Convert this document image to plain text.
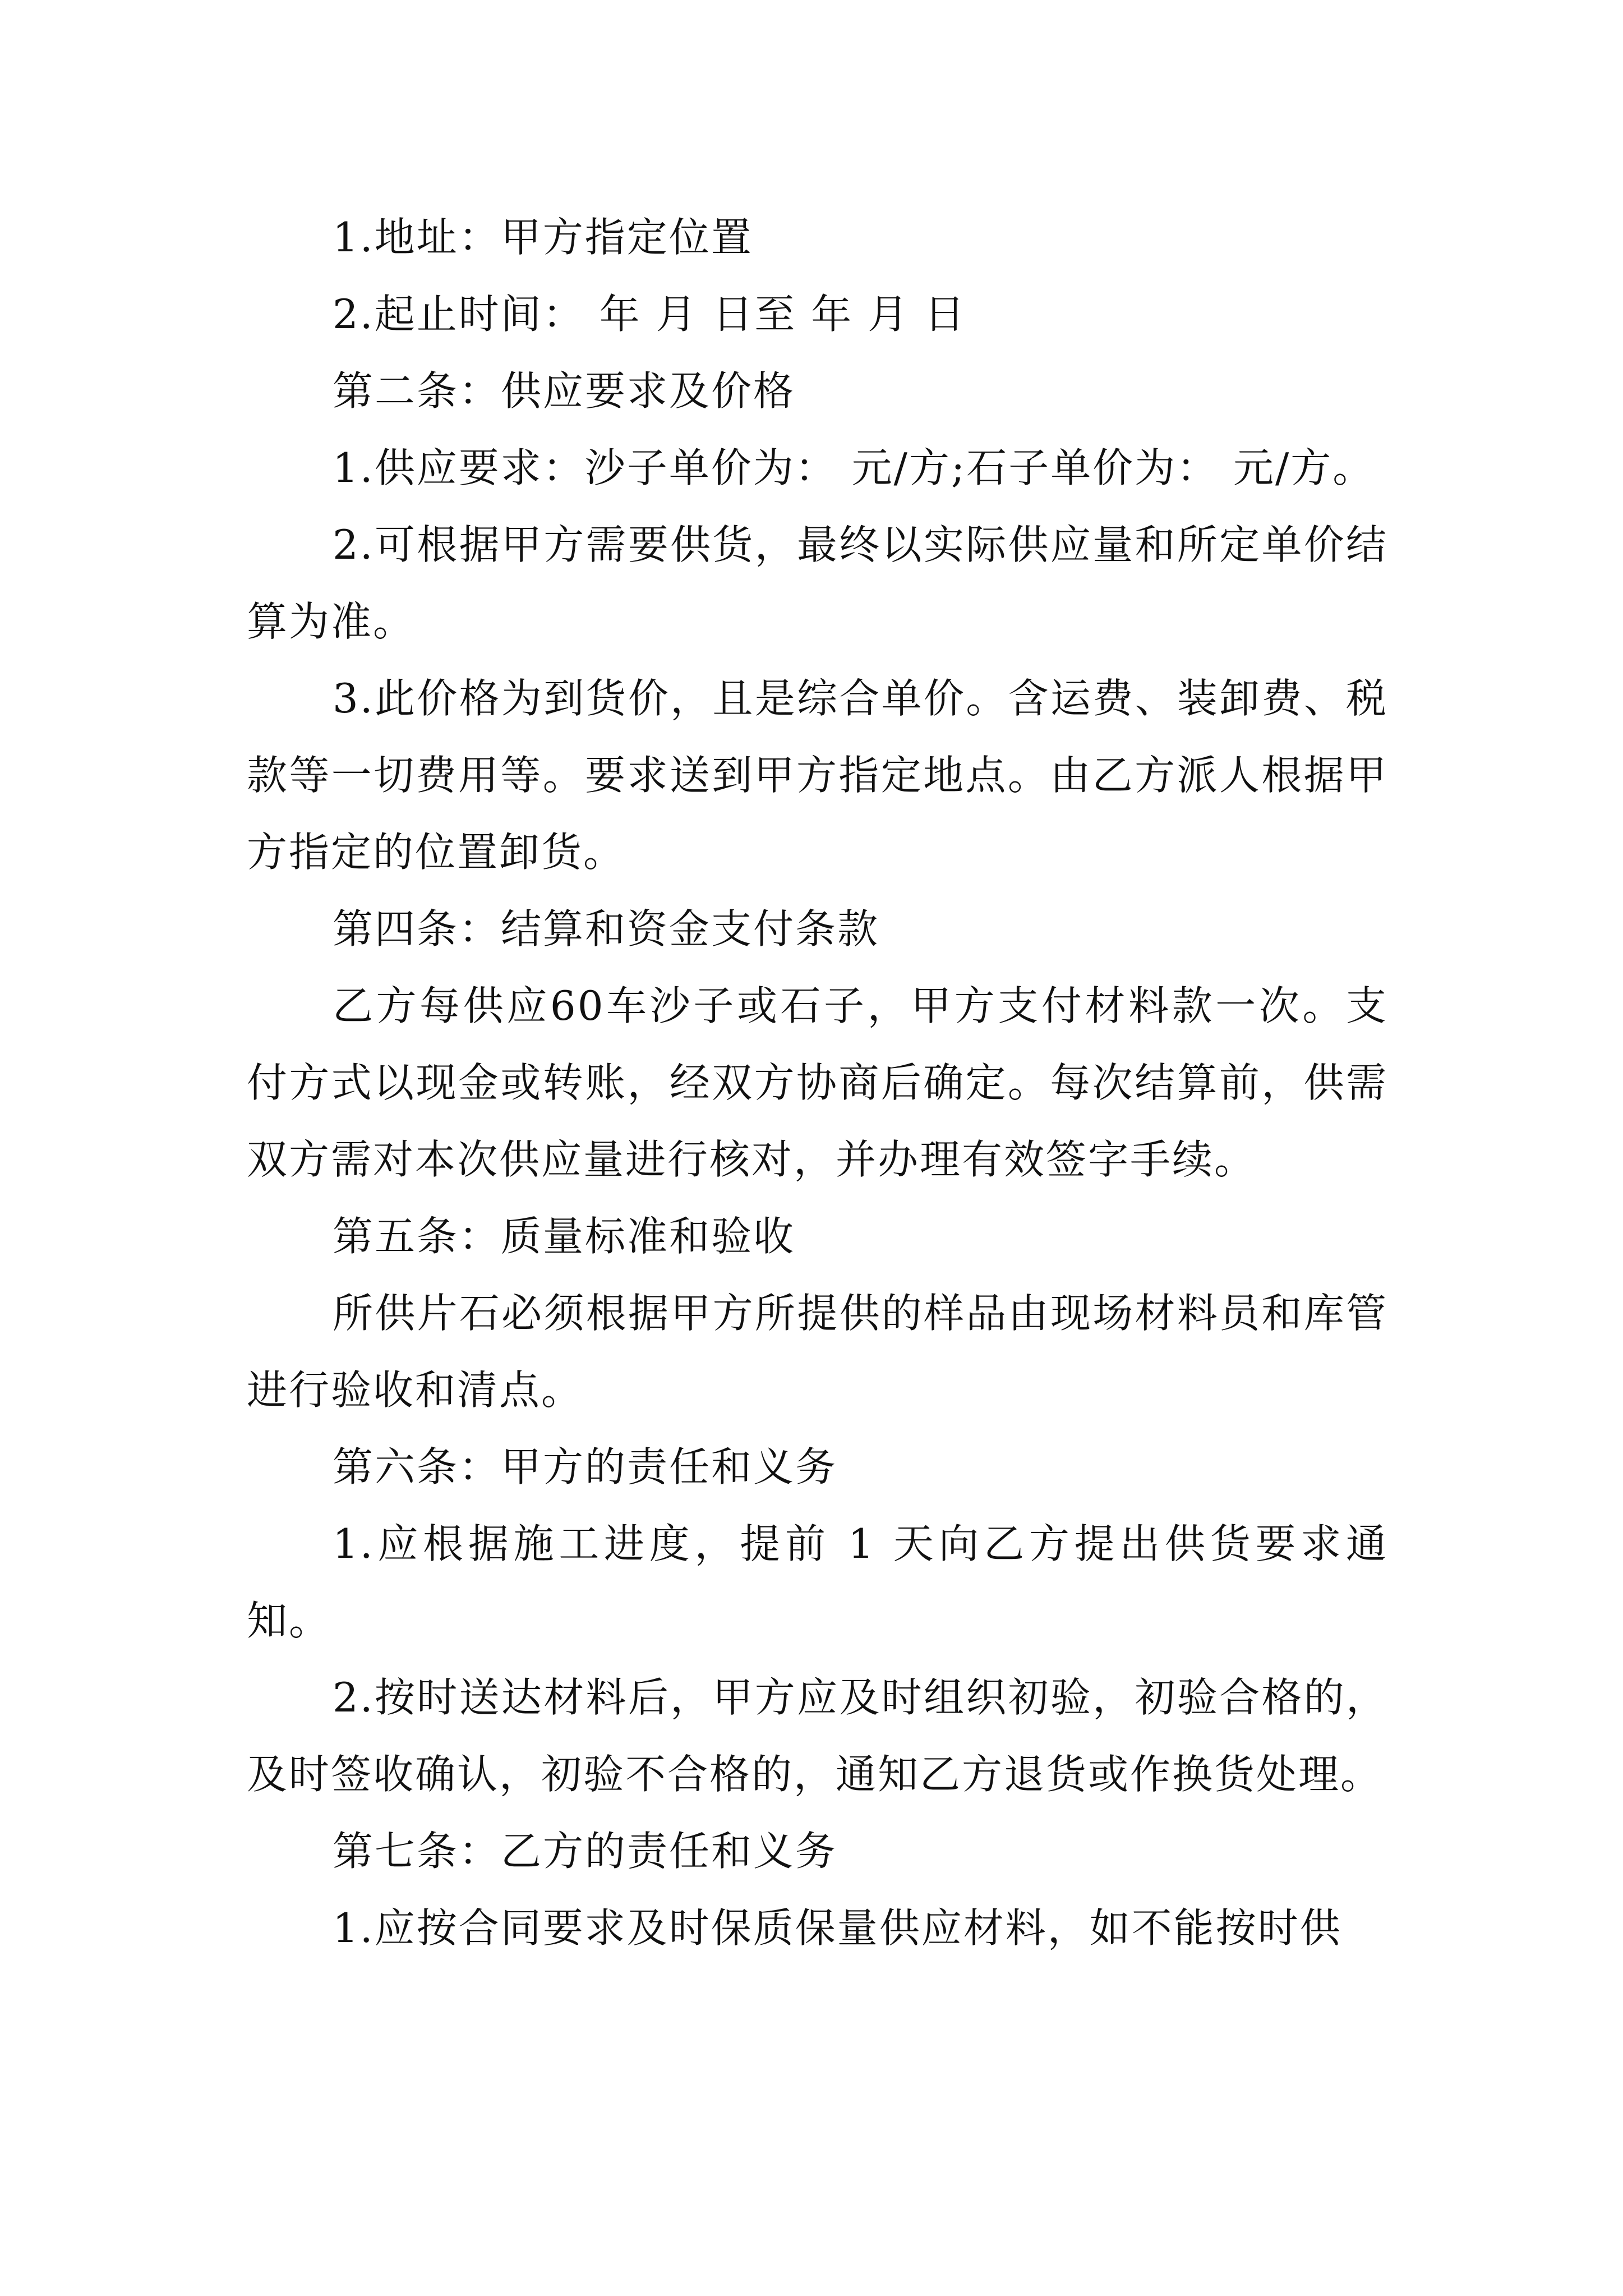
1.地址：甲方指定位置

2.起止时间： 年 月 日至 年 月 日

第二条：供应要求及价格

1.供应要求：沙子单价为： 元/方;石子单价为： 元/方。

2.可根据甲方需要供货，最终以实际供应量和所定单价结算为准。

3.此价格为到货价，且是综合单价。含运费、装卸费、税款等一切费用等。要求送到甲方指定地点。由乙方派人根据甲方指定的位置卸货。

第四条：结算和资金支付条款

乙方每供应60车沙子或石子，甲方支付材料款一次。支付方式以现金或转账，经双方协商后确定。每次结算前，供需双方需对本次供应量进行核对，并办理有效签字手续。

第五条：质量标准和验收

所供片石必须根据甲方所提供的样品由现场材料员和库管进行验收和清点。

第六条：甲方的责任和义务

1.应根据施工进度，提前 1 天向乙方提出供货要求通知。

2.按时送达材料后，甲方应及时组织初验，初验合格的，及时签收确认，初验不合格的，通知乙方退货或作换货处理。

第七条：乙方的责任和义务

1.应按合同要求及时保质保量供应材料，如不能按时供
